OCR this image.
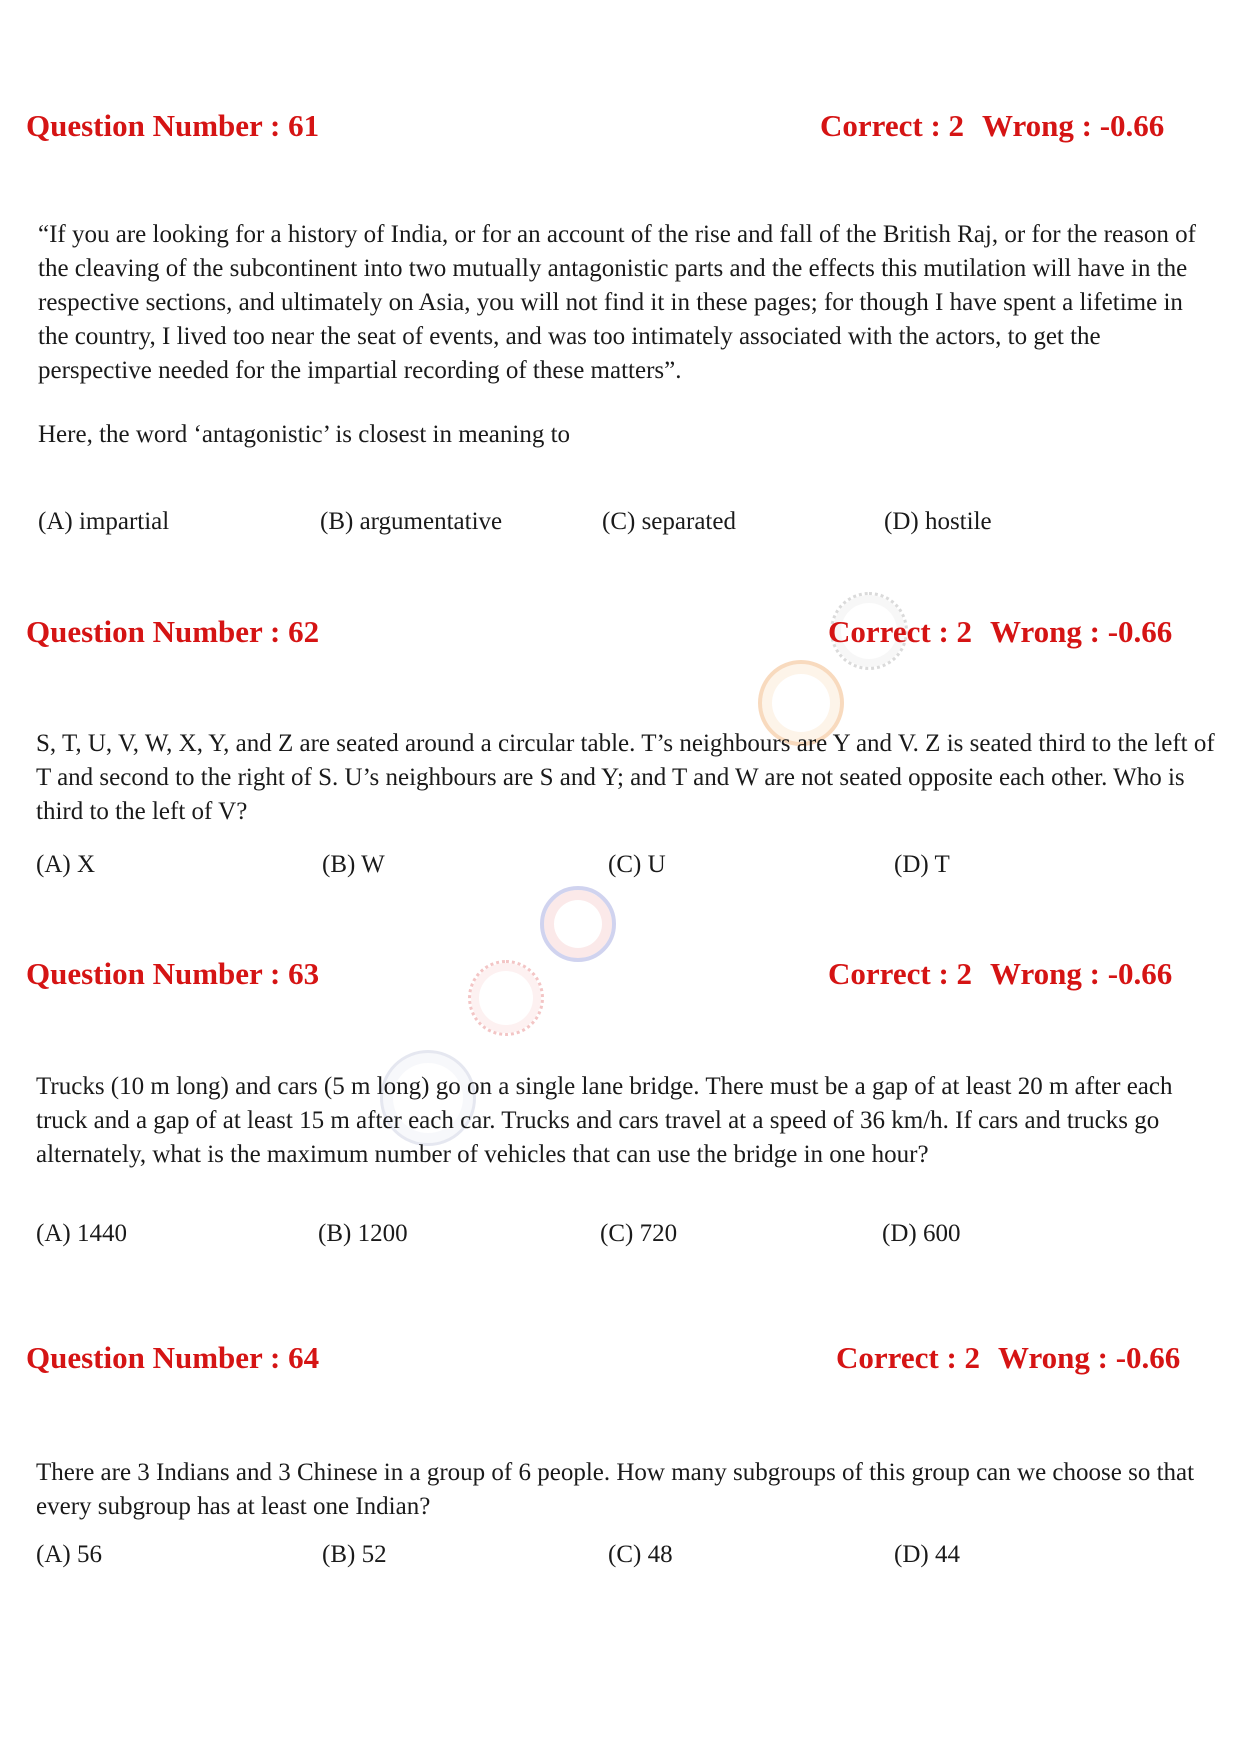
Question Number : 61	Correct : 2 Wrong : -0.66

“If you are looking for a history of India, or for an account of the rise and fall of the British Raj, or for the reason of the cleaving of the subcontinent into two mutually antagonistic parts and the effects this mutilation will have in the respective sections, and ultimately on Asia, you will not find it in these pages; for though I have spent a lifetime in the country, I lived too near the seat of events, and was too intimately associated with the actors, to get the perspective needed for the impartial recording of these matters”.

Here, the word ‘antagonistic’ is closest in meaning to

(A) impartial	(B) argumentative	(C) separated	(D) hostile
Question Number : 62	Correct : 2 Wrong : -0.66

S, T, U, V, W, X, Y, and Z are seated around a circular table. T’s neighbours are Y and V. Z is seated third to the left of T and second to the right of S. U’s neighbours are S and Y; and T and W are not seated opposite each other. Who is third to the left of V?

(A) X	(B) W	(C) U	(D) T
Question Number : 63	Correct : 2 Wrong : -0.66

Trucks (10 m long) and cars (5 m long) go on a single lane bridge. There must be a gap of at least 20 m after each truck and a gap of at least 15 m after each car. Trucks and cars travel at a speed of 36 km/h. If cars and trucks go alternately, what is the maximum number of vehicles that can use the bridge in one hour?

(A) 1440	(B) 1200	(C) 720	(D) 600
Question Number : 64	Correct : 2 Wrong : -0.66

There are 3 Indians and 3 Chinese in a group of 6 people. How many subgroups of this group can we choose so that every subgroup has at least one Indian?

(A) 56	(B) 52	(C) 48	(D) 44
